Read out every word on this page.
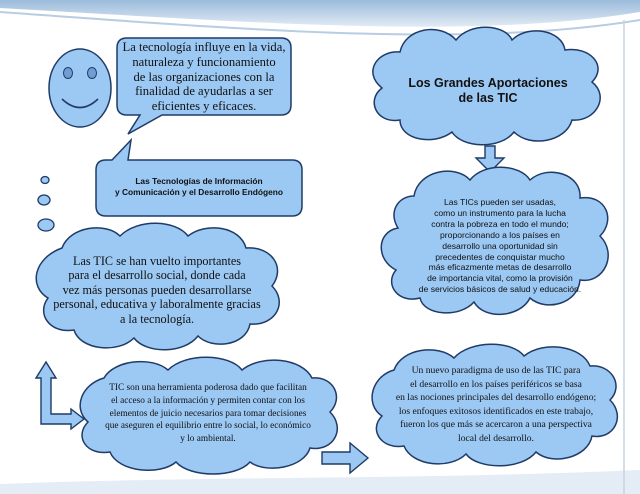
La tecnología influye en la vida,
naturaleza y funcionamiento
de las organizaciones con la
finalidad de ayudarlas a ser
eficientes y eficaces.
Los Grandes Aportaciones
de las TIC
Las Tecnologías de Información
y Comunicación y el Desarrollo Endógeno
Las TICs pueden ser usadas,
como un instrumento para la lucha
contra la pobreza en todo el mundo;
proporcionando a los países en
desarrollo una oportunidad sin
precedentes de conquistar mucho
más eficazmente metas de desarrollo
de importancia vital, como la provisión
de servicios básicos de salud y educación.
Las TIC se han vuelto importantes
para el desarrollo social, donde cada
vez más personas pueden desarrollarse
personal, educativa y laboralmente gracias
a la tecnología.
TIC son una herramienta poderosa dado que facilitan
el acceso a la información y permiten contar con los
elementos de juicio necesarios para tomar decisiones
que aseguren el equilibrio entre lo social, lo económico
y lo ambiental.
Un nuevo paradigma de uso de las TIC para
el desarrollo en los países periféricos se basa
en las nociones principales del desarrollo endógeno;
los enfoques exitosos identificados en este trabajo,
fueron los que más se acercaron a una perspectiva
local del desarrollo.
